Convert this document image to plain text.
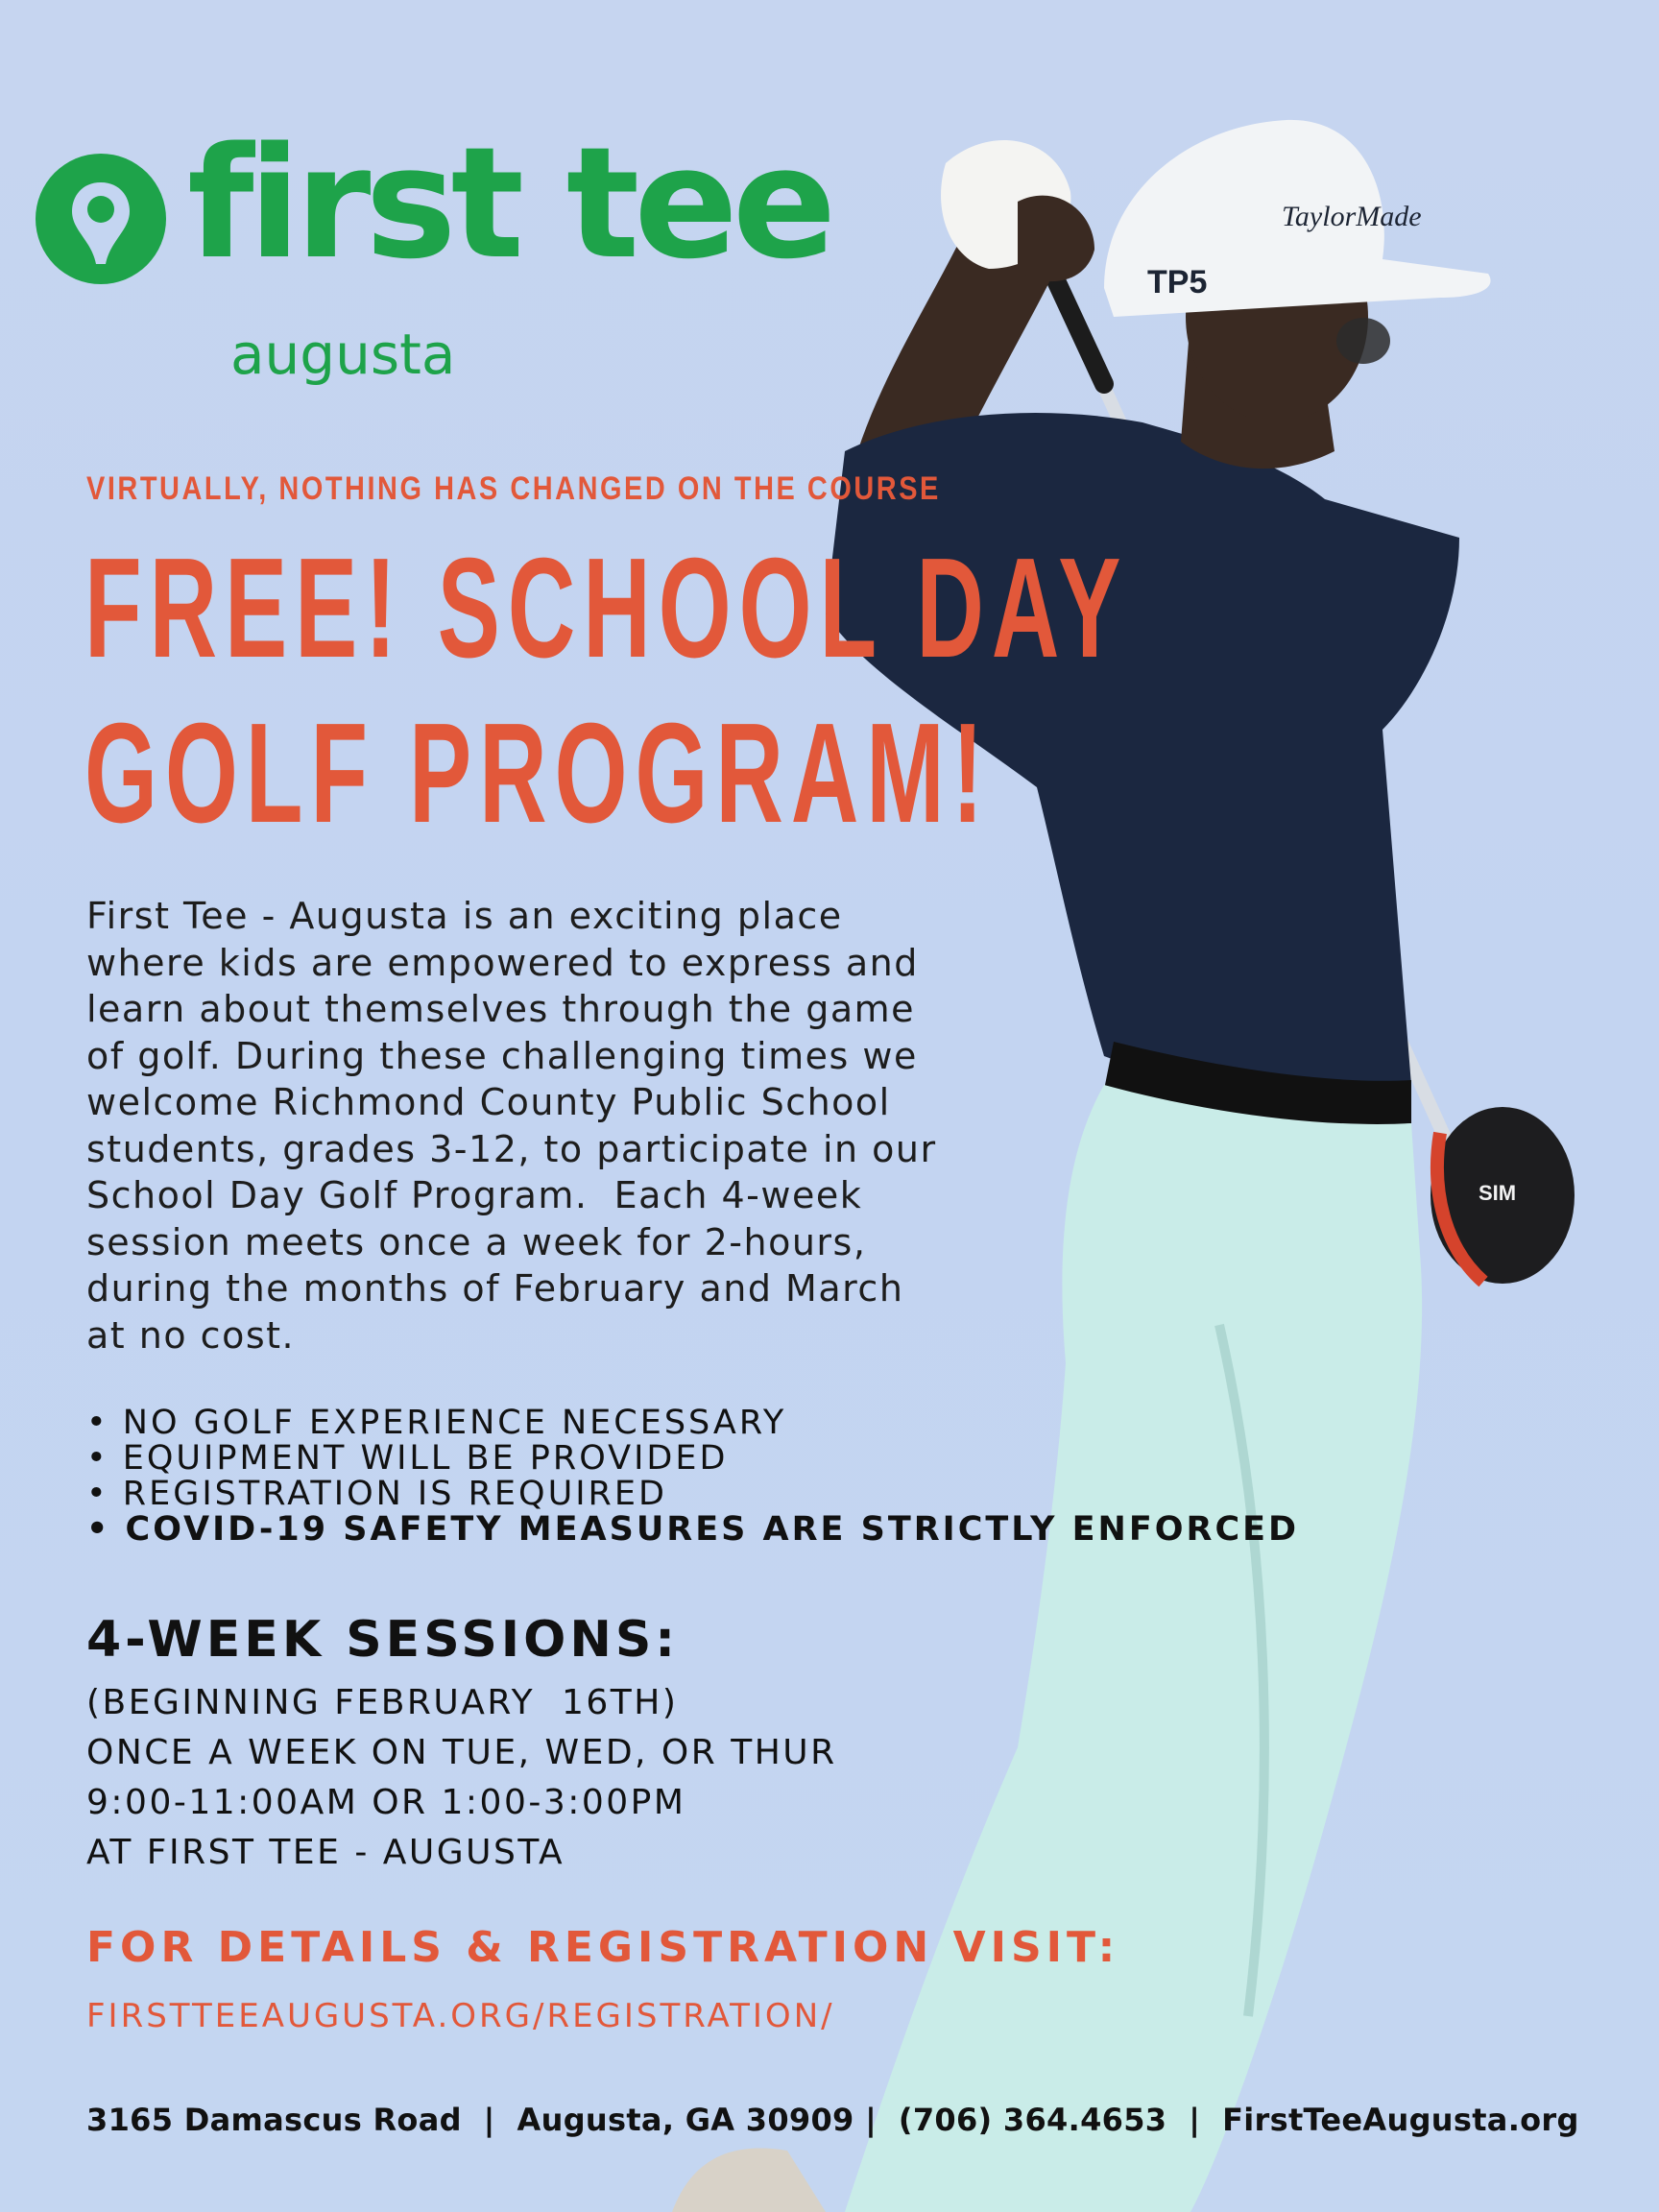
TP5
TaylorMade
SIM
first tee
augusta
VIRTUALLY, NOTHING HAS CHANGED ON THE COURSE
FREE! SCHOOL DAY
GOLF PROGRAM!
First Tee - Augusta is an exciting place
where kids are empowered to express and
learn about themselves through the game
of golf. During these challenging times we
welcome Richmond County Public School
students, grades 3-12, to participate in our
School Day Golf Program.  Each 4-week
session meets once a week for 2-hours,
during the months of February and March
at no cost.
• NO GOLF EXPERIENCE NECESSARY
• EQUIPMENT WILL BE PROVIDED
• REGISTRATION IS REQUIRED
• COVID-19 SAFETY MEASURES ARE STRICTLY ENFORCED
4-WEEK SESSIONS:
(BEGINNING FEBRUARY  16TH)
ONCE A WEEK ON TUE, WED, OR THUR
9:00-11:00AM OR 1:00-3:00PM
AT FIRST TEE - AUGUSTA
FOR DETAILS & REGISTRATION VISIT:
FIRSTTEEAUGUSTA.ORG/REGISTRATION/
3165 Damascus Road  |  Augusta, GA 30909 |  (706) 364.4653  |  FirstTeeAugusta.org
